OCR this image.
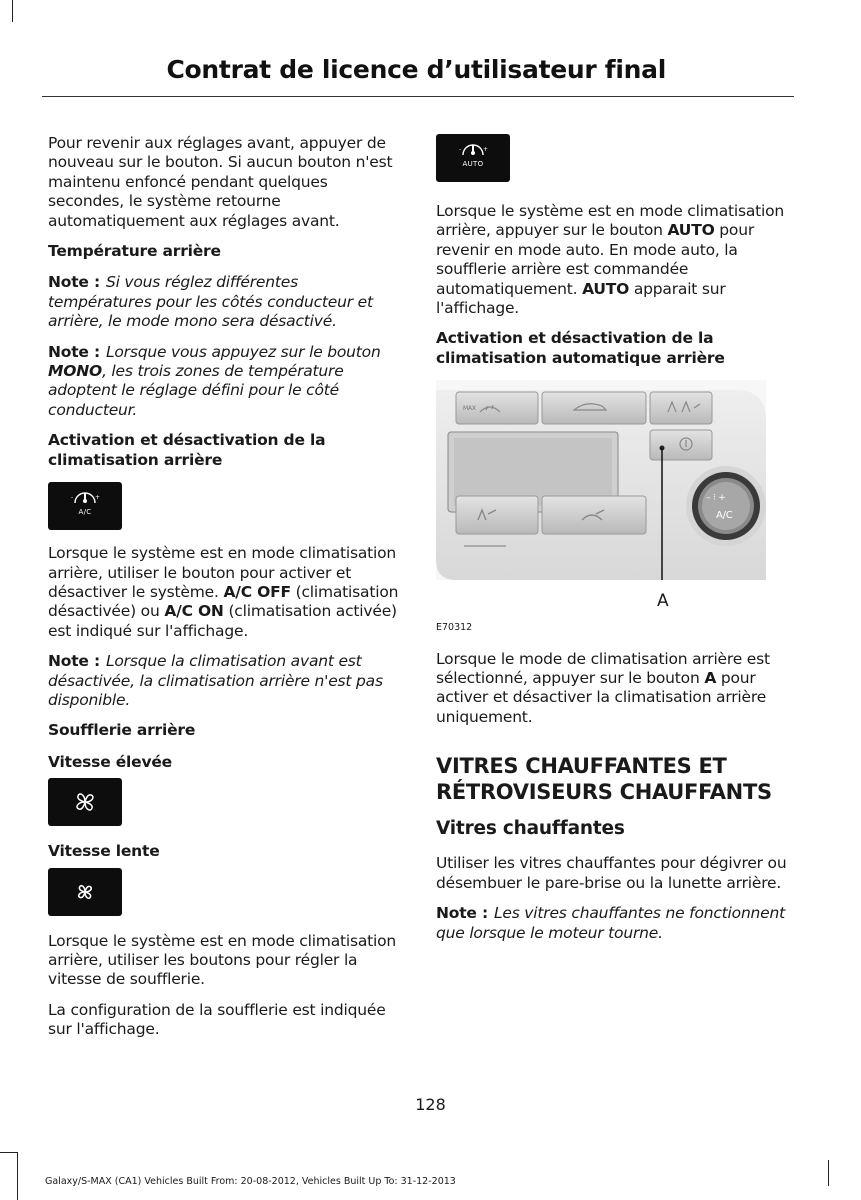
Contrat de licence d’utilisateur final

Pour revenir aux réglages avant, appuyer de nouveau sur le bouton. Si aucun bouton n'est maintenu enfoncé pendant quelques secondes, le système retourne automatiquement aux réglages avant.

Température arrière

Note : Si vous réglez différentes températures pour les côtés conducteur et arrière, le mode mono sera désactivé.

Note : Lorsque vous appuyez sur le bouton MONO, les trois zones de température adoptent le réglage défini pour le côté conducteur.

Activation et désactivation de la climatisation arrière
-	+
A/C

Lorsque le système est en mode climatisation arrière, utiliser le bouton pour activer et désactiver le système. A/C OFF (climatisation désactivée) ou A/C ON (climatisation activée) est indiqué sur l'affichage.

Note : Lorsque la climatisation avant est désactivée, la climatisation arrière n'est pas disponible.

Soufflerie arrière
Vitesse élevée
Vitesse lente

Lorsque le système est en mode climatisation arrière, utiliser les boutons pour régler la vitesse de soufflerie.

La configuration de la soufflerie est indiquée sur l'affichage.

-	+
AUTO

Lorsque le système est en mode climatisation arrière, appuyer sur le bouton AUTO pour revenir en mode auto. En mode auto, la soufflerie arrière est commandée automatiquement. AUTO apparait sur l'affichage.

Activation et désactivation de la climatisation automatique arrière
MAX
– ⁝ +
A/C
A
E70312

Lorsque le mode de climatisation arrière est sélectionné, appuyer sur le bouton A pour activer et désactiver la climatisation arrière uniquement.

VITRES CHAUFFANTES ET RÉTROVISEURS CHAUFFANTS
Vitres chauffantes

Utiliser les vitres chauffantes pour dégivrer ou désembuer le pare-brise ou la lunette arrière.

Note : Les vitres chauffantes ne fonctionnent que lorsque le moteur tourne.

128
Galaxy/S-MAX (CA1) Vehicles Built From: 20-08-2012, Vehicles Built Up To: 31-12-2013
